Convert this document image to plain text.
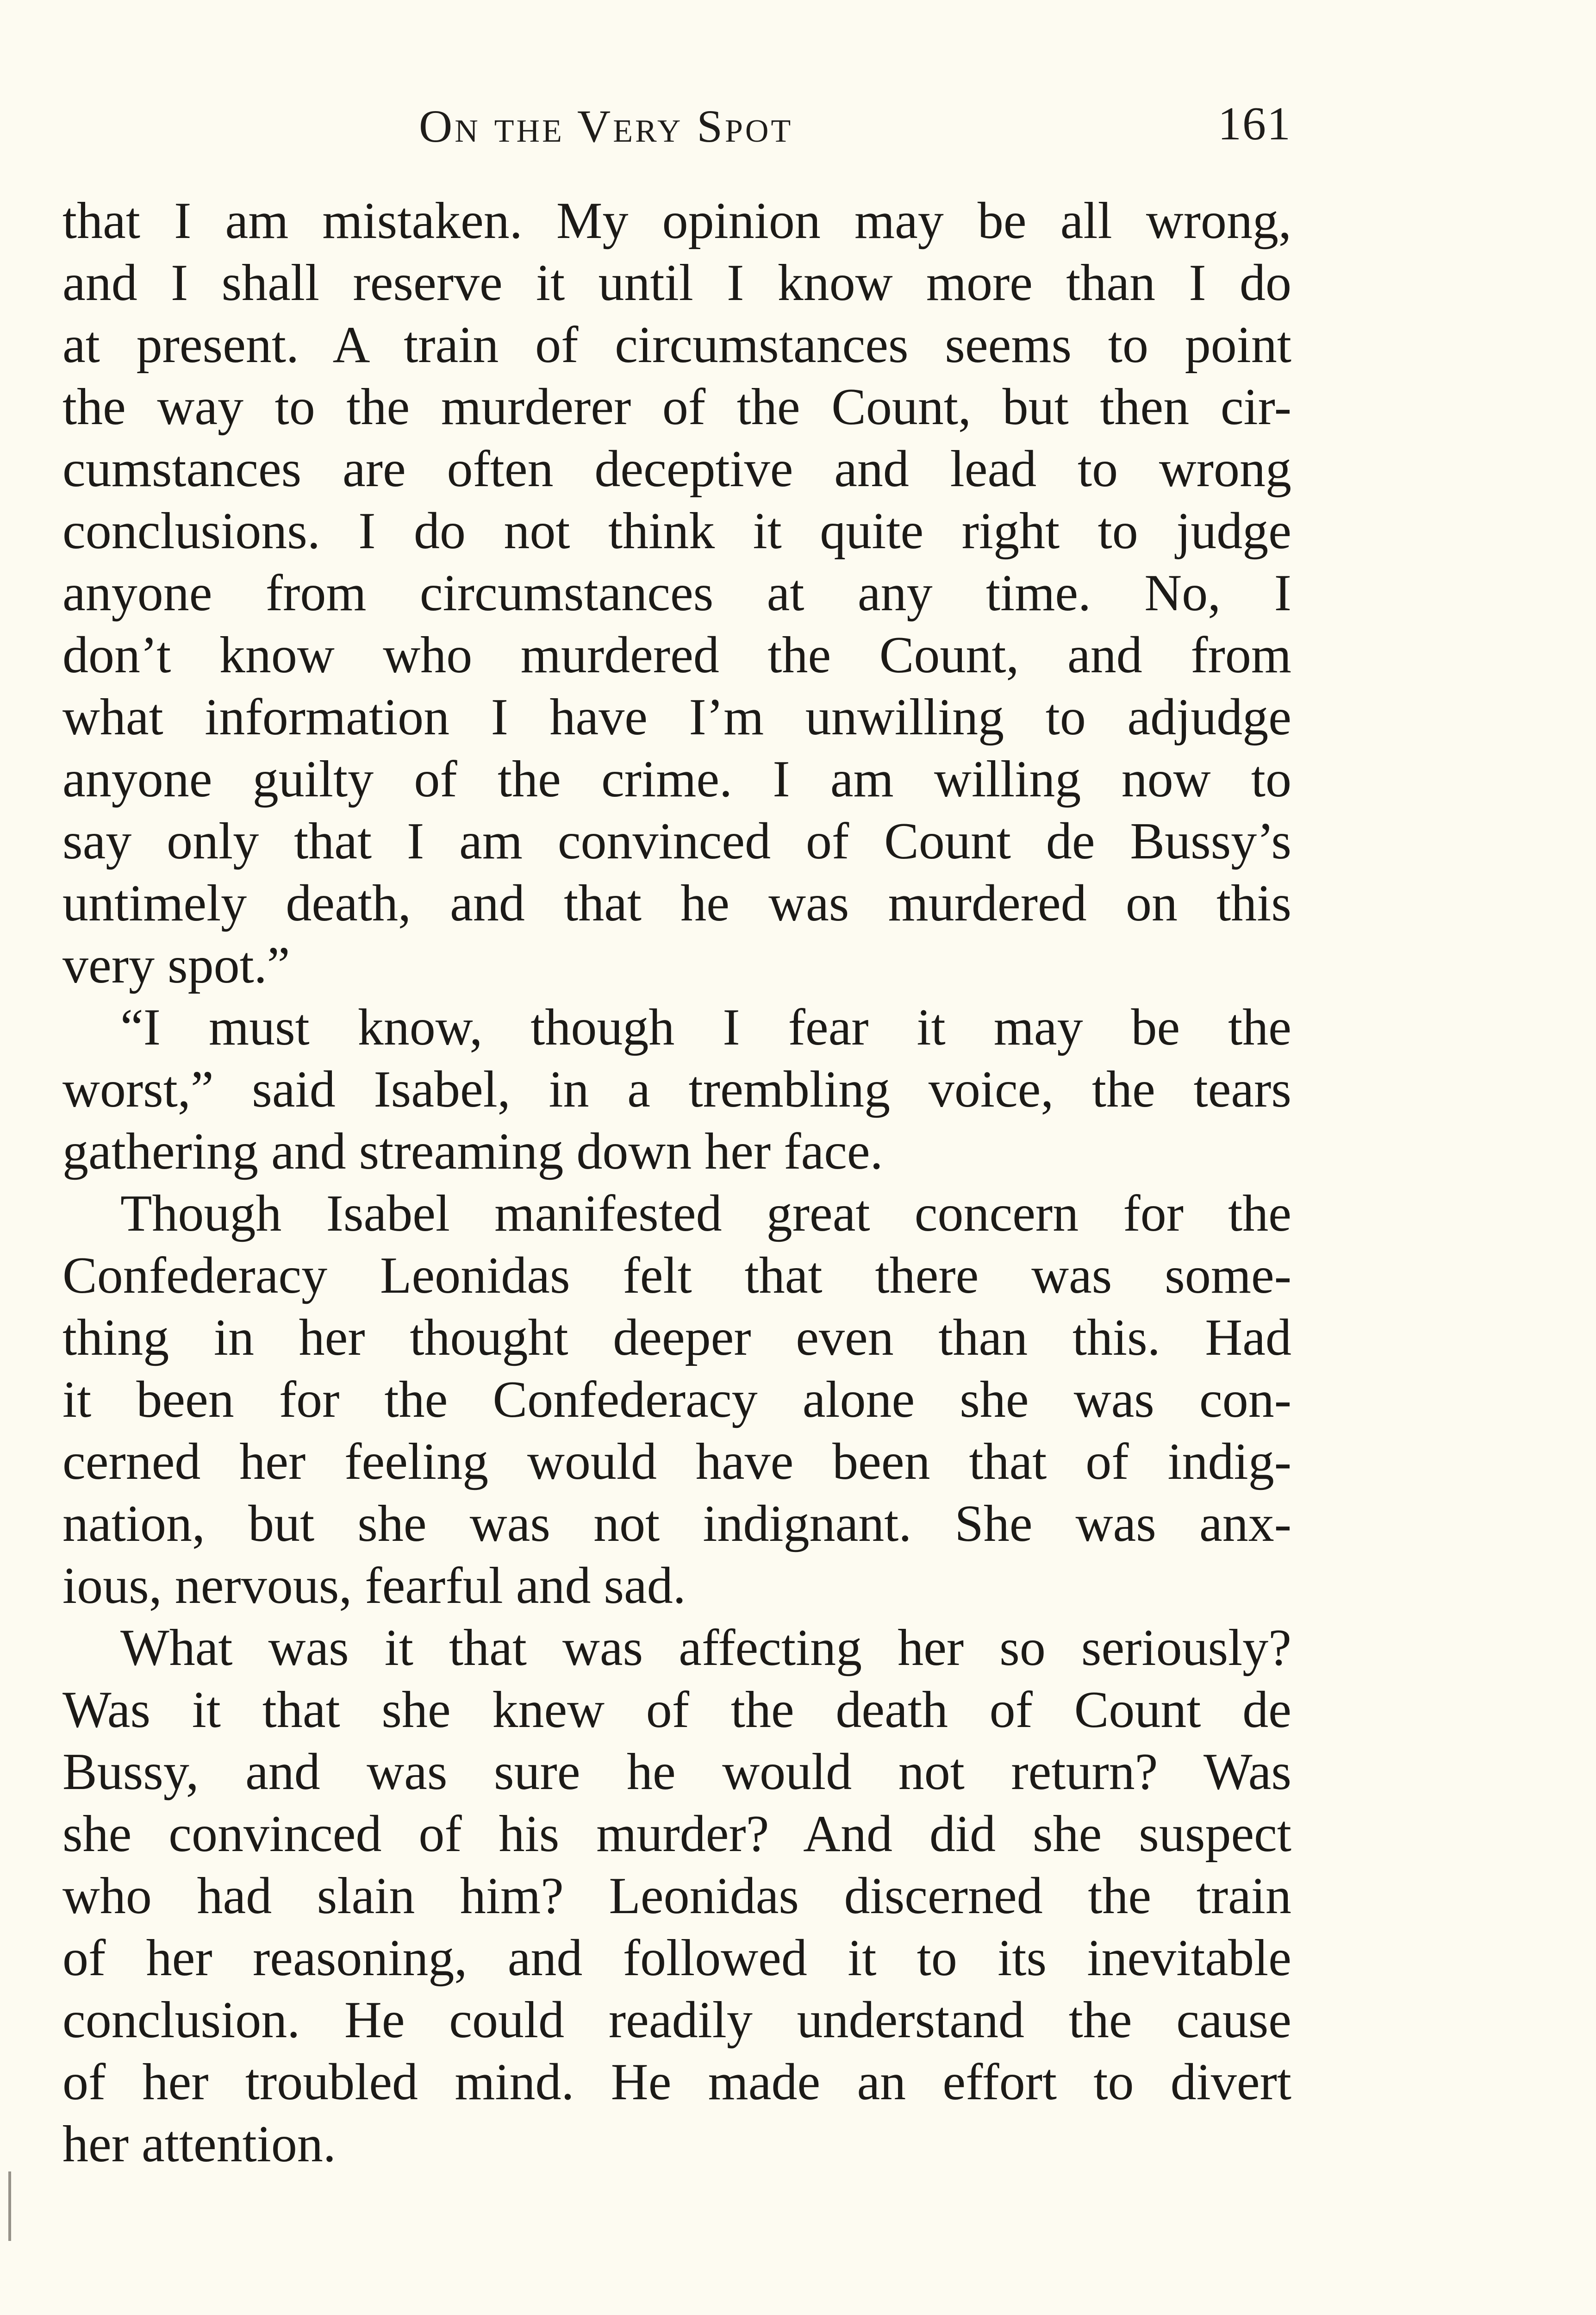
On the Very Spot	161
that I am mistaken. My opinion may be all wrong,
and I shall reserve it until I know more than I do
at present. A train of circumstances seems to point
the way to the murderer of the Count, but then cir-
cumstances are often deceptive and lead to wrong
conclusions. I do not think it quite right to judge
anyone from circumstances at any time. No, I
don’t know who murdered the Count, and from
what information I have I’m unwilling to adjudge
anyone guilty of the crime. I am willing now to
say only that I am convinced of Count de Bussy’s
untimely death, and that he was murdered on this
very spot.”
“I must know, though I fear it may be the
worst,” said Isabel, in a trembling voice, the tears
gathering and streaming down her face.
Though Isabel manifested great concern for the
Confederacy Leonidas felt that there was some-
thing in her thought deeper even than this. Had
it been for the Confederacy alone she was con-
cerned her feeling would have been that of indig-
nation, but she was not indignant. She was anx-
ious, nervous, fearful and sad.
What was it that was affecting her so seriously?
Was it that she knew of the death of Count de
Bussy, and was sure he would not return? Was
she convinced of his murder? And did she suspect
who had slain him? Leonidas discerned the train
of her reasoning, and followed it to its inevitable
conclusion. He could readily understand the cause
of her troubled mind. He made an effort to divert
her attention.
